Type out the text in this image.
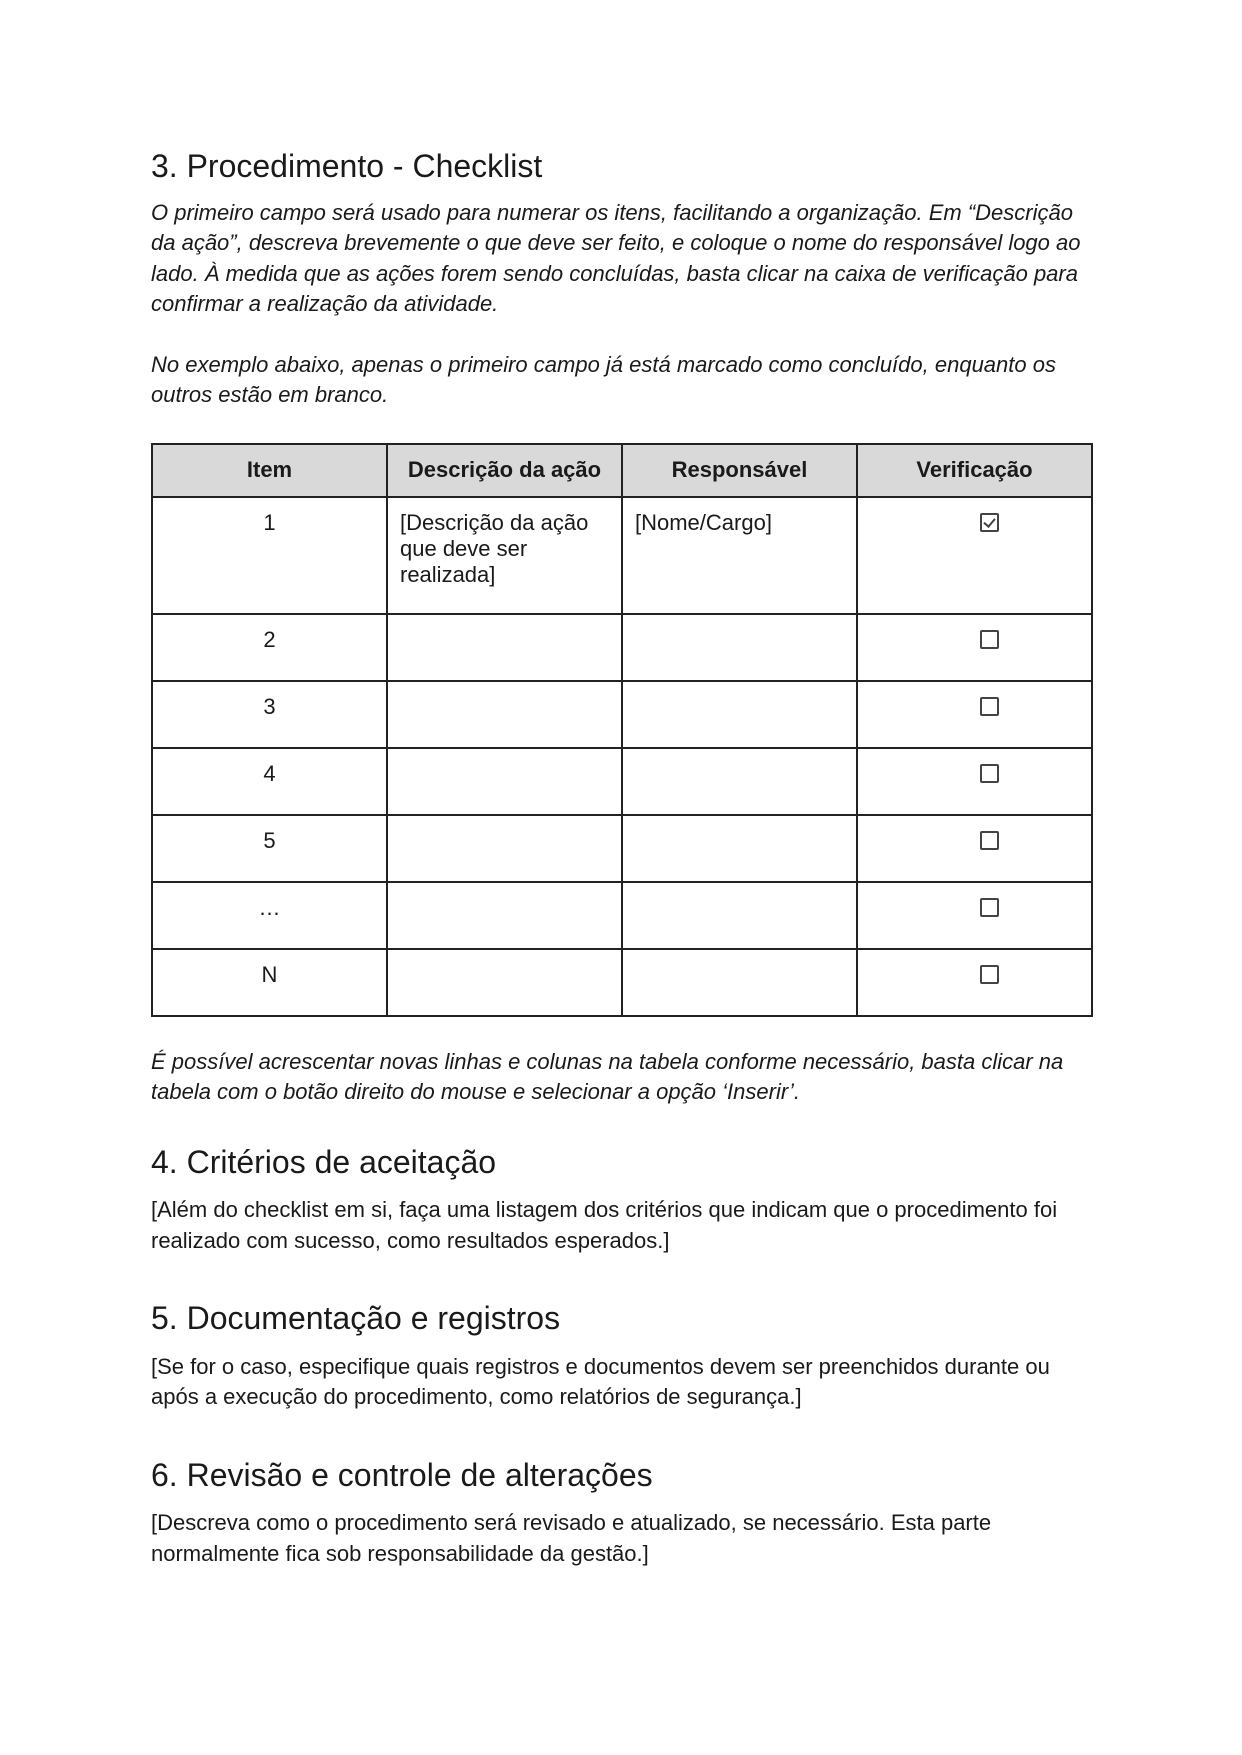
3. Procedimento - Checklist

O primeiro campo será usado para numerar os itens, facilitando a organização. Em “Descrição da ação”, descreva brevemente o que deve ser feito, e coloque o nome do responsável logo ao lado. À medida que as ações forem sendo concluídas, basta clicar na caixa de verificação para confirmar a realização da atividade.

No exemplo abaixo, apenas o primeiro campo já está marcado como concluído, enquanto os outros estão em branco.

Item	Descrição da ação	Responsável	Verificação
1	[Descrição da ação que deve ser realizada]	[Nome/Cargo]	
2			
3			
4			
5			
…			
N			

É possível acrescentar novas linhas e colunas na tabela conforme necessário, basta clicar na tabela com o botão direito do mouse e selecionar a opção ‘Inserir’.

4. Critérios de aceitação

[Além do checklist em si, faça uma listagem dos critérios que indicam que o procedimento foi realizado com sucesso, como resultados esperados.]

5. Documentação e registros

[Se for o caso, especifique quais registros e documentos devem ser preenchidos durante ou após a execução do procedimento, como relatórios de segurança.]

6. Revisão e controle de alterações

[Descreva como o procedimento será revisado e atualizado, se necessário. Esta parte normalmente fica sob responsabilidade da gestão.]
